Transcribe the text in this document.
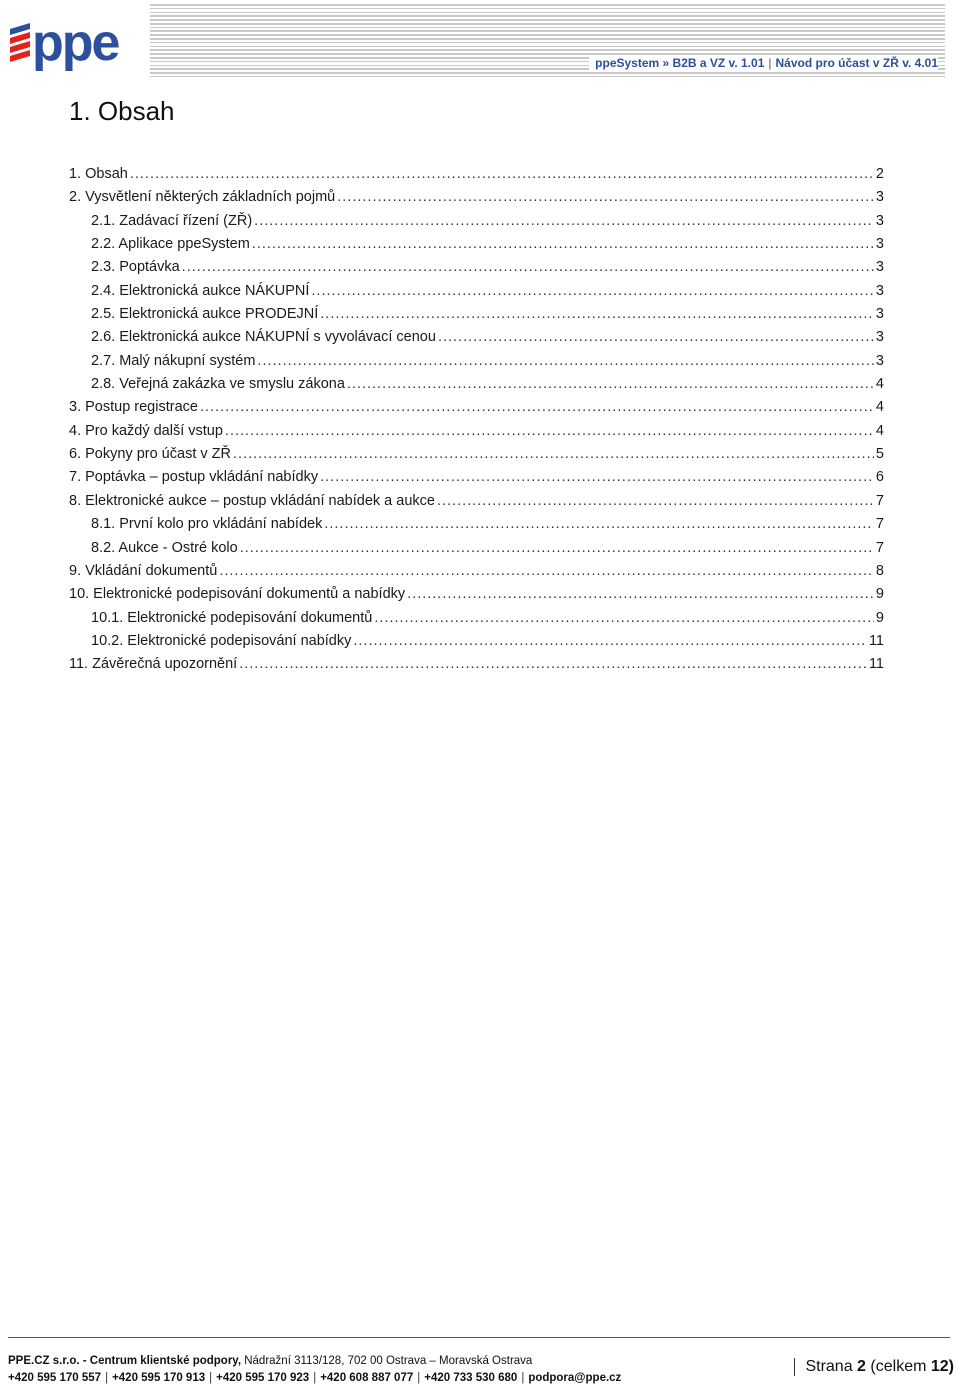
ppe	ppeSystem » B2B a VZ v. 1.01 | Návod pro účast v ZŘ v. 4.01
1. Obsah
1. Obsah .....	2
2. Vysvětlení některých základních pojmů .....	3
2.1. Zadávací řízení (ZŘ) .....	3
2.2. Aplikace ppeSystem .....	3
2.3. Poptávka .....	3
2.4. Elektronická aukce NÁKUPNÍ .....	3
2.5. Elektronická aukce PRODEJNÍ .....	3
2.6. Elektronická aukce NÁKUPNÍ s vyvolávací cenou .....	3
2.7. Malý nákupní systém .....	3
2.8. Veřejná zakázka ve smyslu zákona .....	4
3. Postup registrace .....	4
4. Pro každý další vstup .....	4
6. Pokyny pro účast v ZŘ .....	5
7. Poptávka – postup vkládání nabídky .....	6
8. Elektronické aukce – postup vkládání nabídek a aukce .....	7
8.1. První kolo pro vkládání nabídek .....	7
8.2. Aukce - Ostré kolo .....	7
9. Vkládání dokumentů .....	8
10. Elektronické podepisování dokumentů a nabídky .....	9
10.1. Elektronické podepisování dokumentů .....	9
10.2. Elektronické podepisování nabídky .....	11
11. Závěrečná upozornění .....	11
PPE.CZ s.r.o. - Centrum klientské podpory, Nádražní 3113/128, 702 00 Ostrava – Moravská Ostrava
+420 595 170 557 | +420 595 170 913 | +420 595 170 923 | +420 608 887 077 | +420 733 530 680 | podpora@ppe.cz
Strana 2 (celkem 12)
